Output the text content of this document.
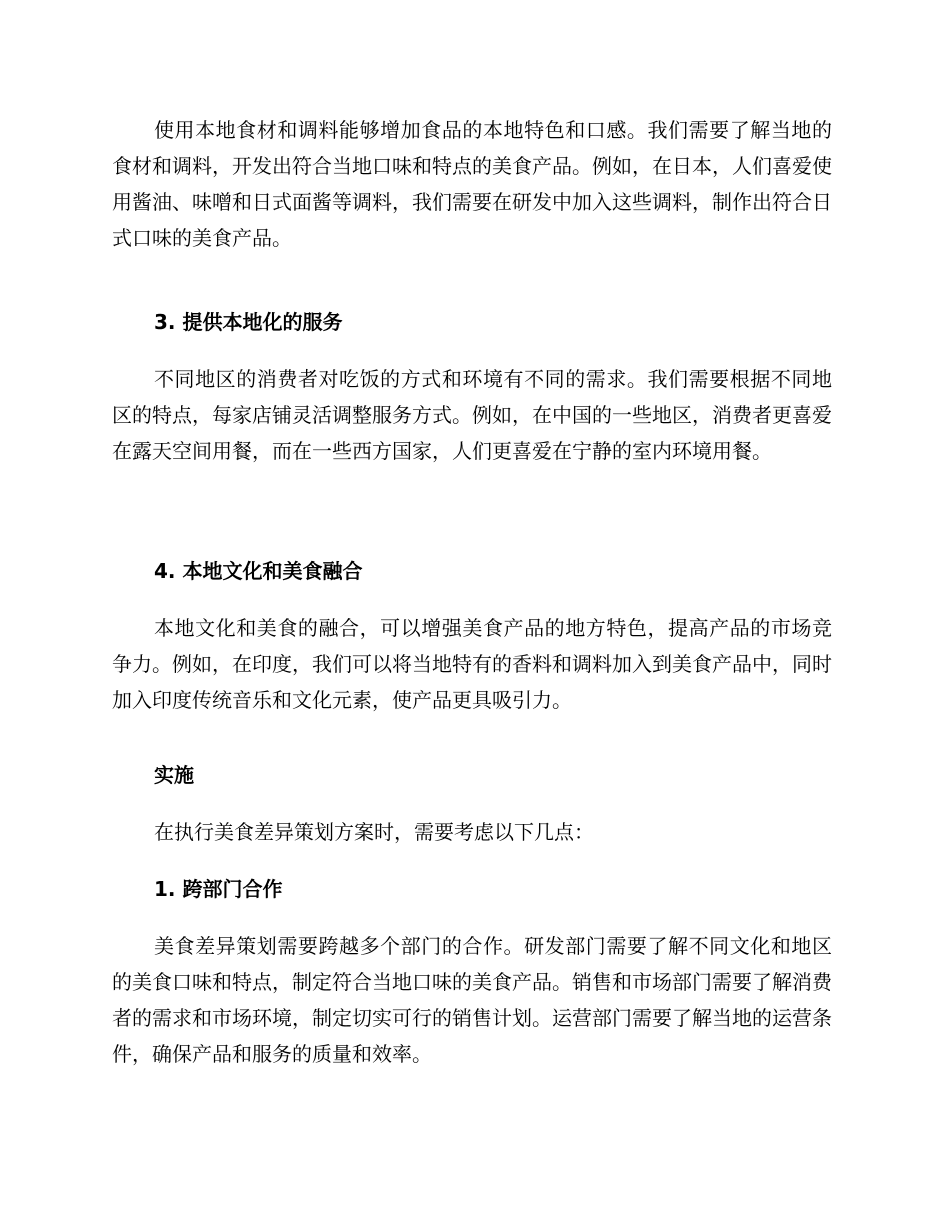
使用本地食材和调料能够增加食品的本地特色和口感。我们需要了解当地的食材和调料，开发出符合当地口味和特点的美食产品。例如，在日本，人们喜爱使用酱油、味噌和日式面酱等调料，我们需要在研发中加入这些调料，制作出符合日式口味的美食产品。

3. 提供本地化的服务

不同地区的消费者对吃饭的方式和环境有不同的需求。我们需要根据不同地区的特点，每家店铺灵活调整服务方式。例如，在中国的一些地区，消费者更喜爱在露天空间用餐，而在一些西方国家，人们更喜爱在宁静的室内环境用餐。

4. 本地文化和美食融合

本地文化和美食的融合，可以增强美食产品的地方特色，提高产品的市场竞争力。例如，在印度，我们可以将当地特有的香料和调料加入到美食产品中，同时加入印度传统音乐和文化元素，使产品更具吸引力。

实施

在执行美食差异策划方案时，需要考虑以下几点：

1. 跨部门合作

美食差异策划需要跨越多个部门的合作。研发部门需要了解不同文化和地区的美食口味和特点，制定符合当地口味的美食产品。销售和市场部门需要了解消费者的需求和市场环境，制定切实可行的销售计划。运营部门需要了解当地的运营条件，确保产品和服务的质量和效率。
